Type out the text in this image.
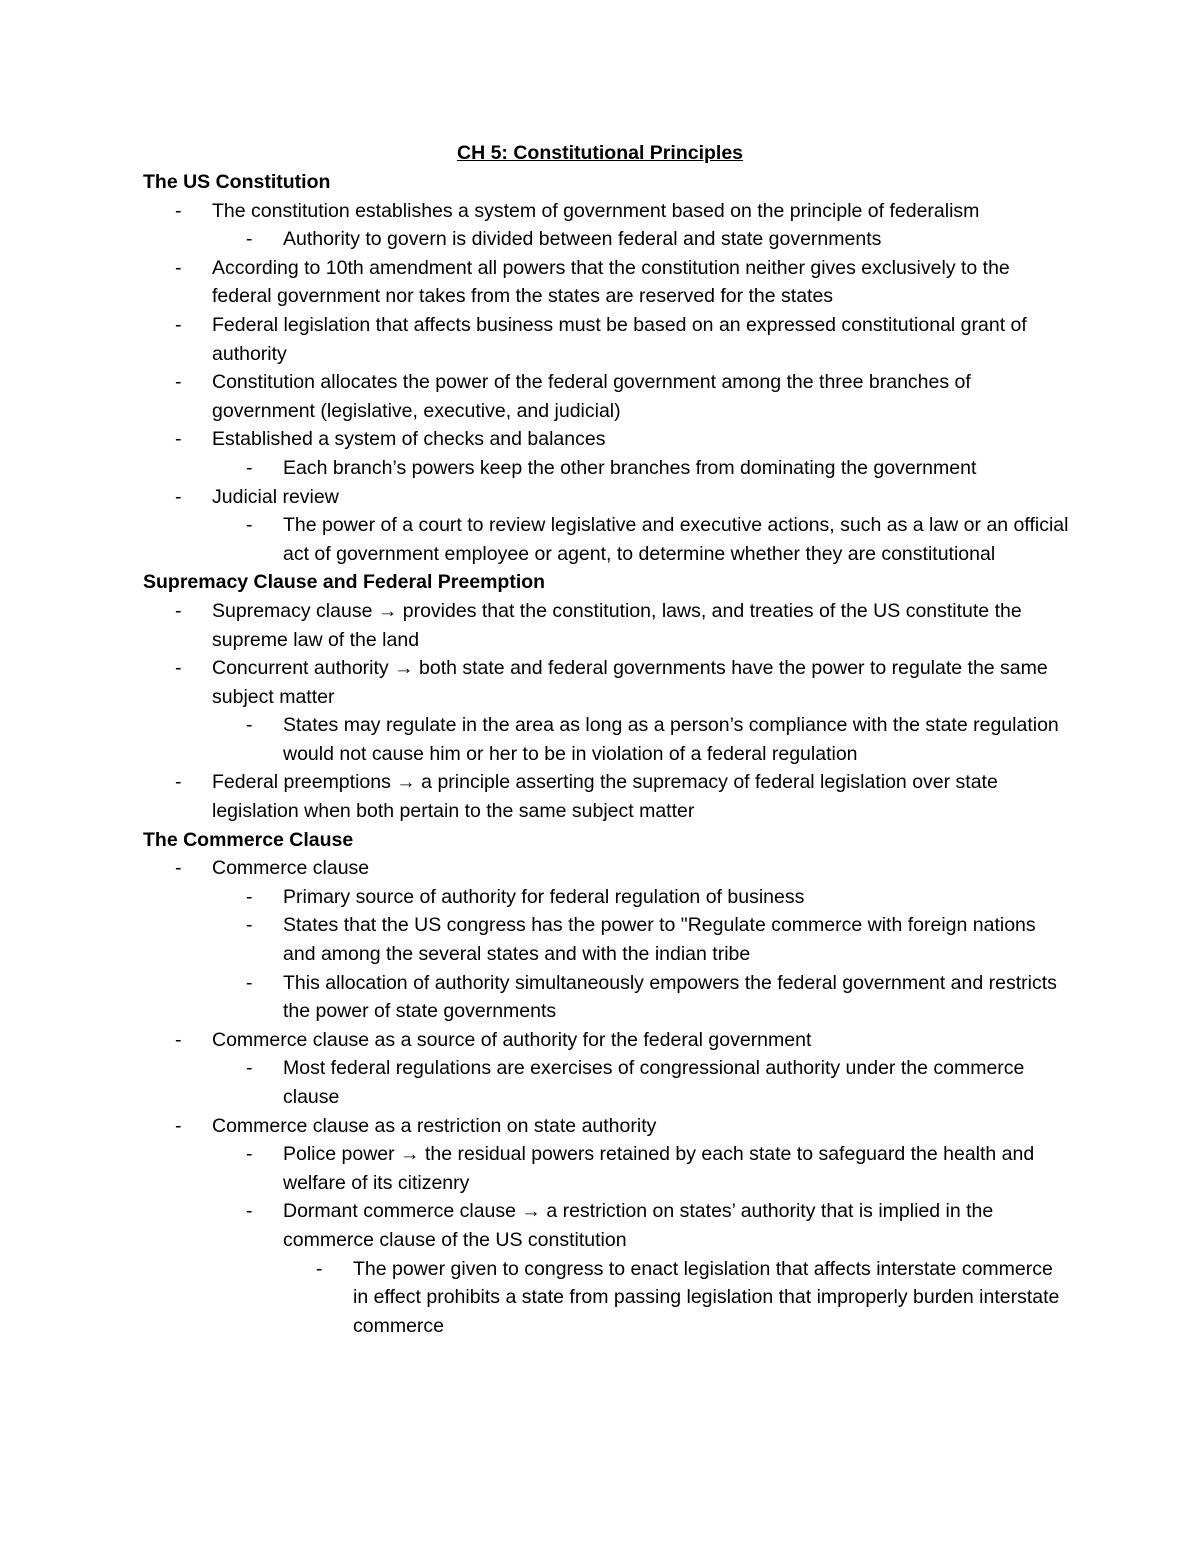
CH 5: Constitutional Principles
The US Constitution
- The constitution establishes a system of government based on the principle of federalism
- Authority to govern is divided between federal and state governments
- According to 10th amendment all powers that the constitution neither gives exclusively to the federal government nor takes from the states are reserved for the states
- Federal legislation that affects business must be based on an expressed constitutional grant of authority
- Constitution allocates the power of the federal government among the three branches of government (legislative, executive, and judicial)
- Established a system of checks and balances
- Each branch’s powers keep the other branches from dominating the government
- Judicial review
- The power of a court to review legislative and executive actions, such as a law or an official act of government employee or agent, to determine whether they are constitutional
Supremacy Clause and Federal Preemption
- Supremacy clause → provides that the constitution, laws, and treaties of the US constitute the supreme law of the land
- Concurrent authority → both state and federal governments have the power to regulate the same subject matter
- States may regulate in the area as long as a person’s compliance with the state regulation would not cause him or her to be in violation of a federal regulation
- Federal preemptions → a principle asserting the supremacy of federal legislation over state legislation when both pertain to the same subject matter
The Commerce Clause
- Commerce clause
- Primary source of authority for federal regulation of business
- States that the US congress has the power to "Regulate commerce with foreign nations and among the several states and with the indian tribe
- This allocation of authority simultaneously empowers the federal government and restricts the power of state governments
- Commerce clause as a source of authority for the federal government
- Most federal regulations are exercises of congressional authority under the commerce clause
- Commerce clause as a restriction on state authority
- Police power → the residual powers retained by each state to safeguard the health and welfare of its citizenry
- Dormant commerce clause → a restriction on states’ authority that is implied in the commerce clause of the US constitution
- The power given to congress to enact legislation that affects interstate commerce in effect prohibits a state from passing legislation that improperly burden interstate commerce
